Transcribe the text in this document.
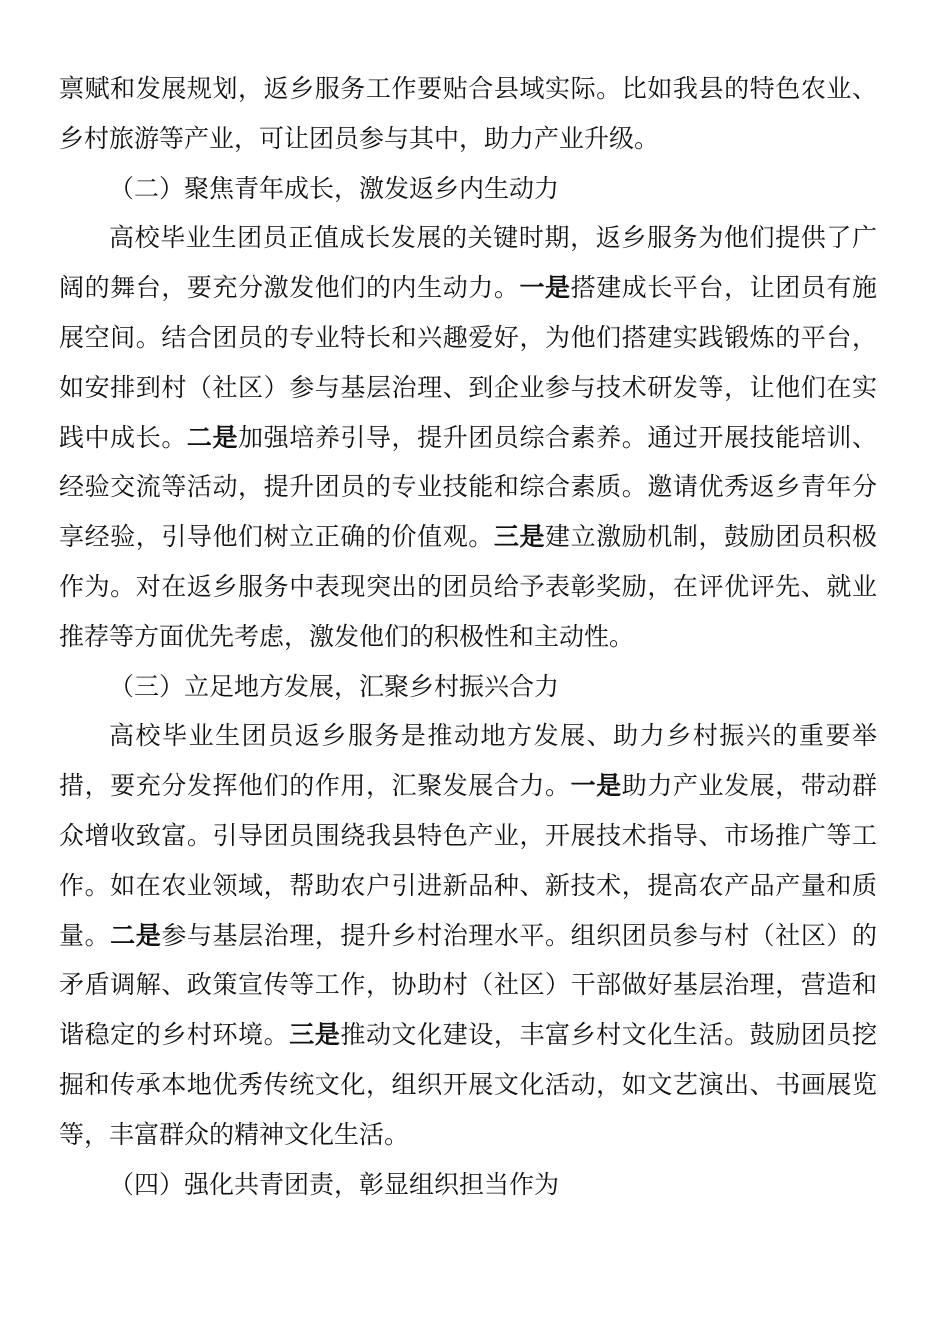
禀赋和发展规划，返乡服务工作要贴合县域实际。比如我县的特色农业、乡村旅游等产业，可让团员参与其中，助力产业升级。

（二）聚焦青年成长，激发返乡内生动力

高校毕业生团员正值成长发展的关键时期，返乡服务为他们提供了广阔的舞台，要充分激发他们的内生动力。一是搭建成长平台，让团员有施展空间。结合团员的专业特长和兴趣爱好，为他们搭建实践锻炼的平台，如安排到村（社区）参与基层治理、到企业参与技术研发等，让他们在实践中成长。二是加强培养引导，提升团员综合素养。通过开展技能培训、经验交流等活动，提升团员的专业技能和综合素质。邀请优秀返乡青年分享经验，引导他们树立正确的价值观。三是建立激励机制，鼓励团员积极作为。对在返乡服务中表现突出的团员给予表彰奖励，在评优评先、就业推荐等方面优先考虑，激发他们的积极性和主动性。

（三）立足地方发展，汇聚乡村振兴合力

高校毕业生团员返乡服务是推动地方发展、助力乡村振兴的重要举措，要充分发挥他们的作用，汇聚发展合力。一是助力产业发展，带动群众增收致富。引导团员围绕我县特色产业，开展技术指导、市场推广等工作。如在农业领域，帮助农户引进新品种、新技术，提高农产品产量和质量。二是参与基层治理，提升乡村治理水平。组织团员参与村（社区）的矛盾调解、政策宣传等工作，协助村（社区）干部做好基层治理，营造和谐稳定的乡村环境。三是推动文化建设，丰富乡村文化生活。鼓励团员挖掘和传承本地优秀传统文化，组织开展文化活动，如文艺演出、书画展览等，丰富群众的精神文化生活。

（四）强化共青团责，彰显组织担当作为
